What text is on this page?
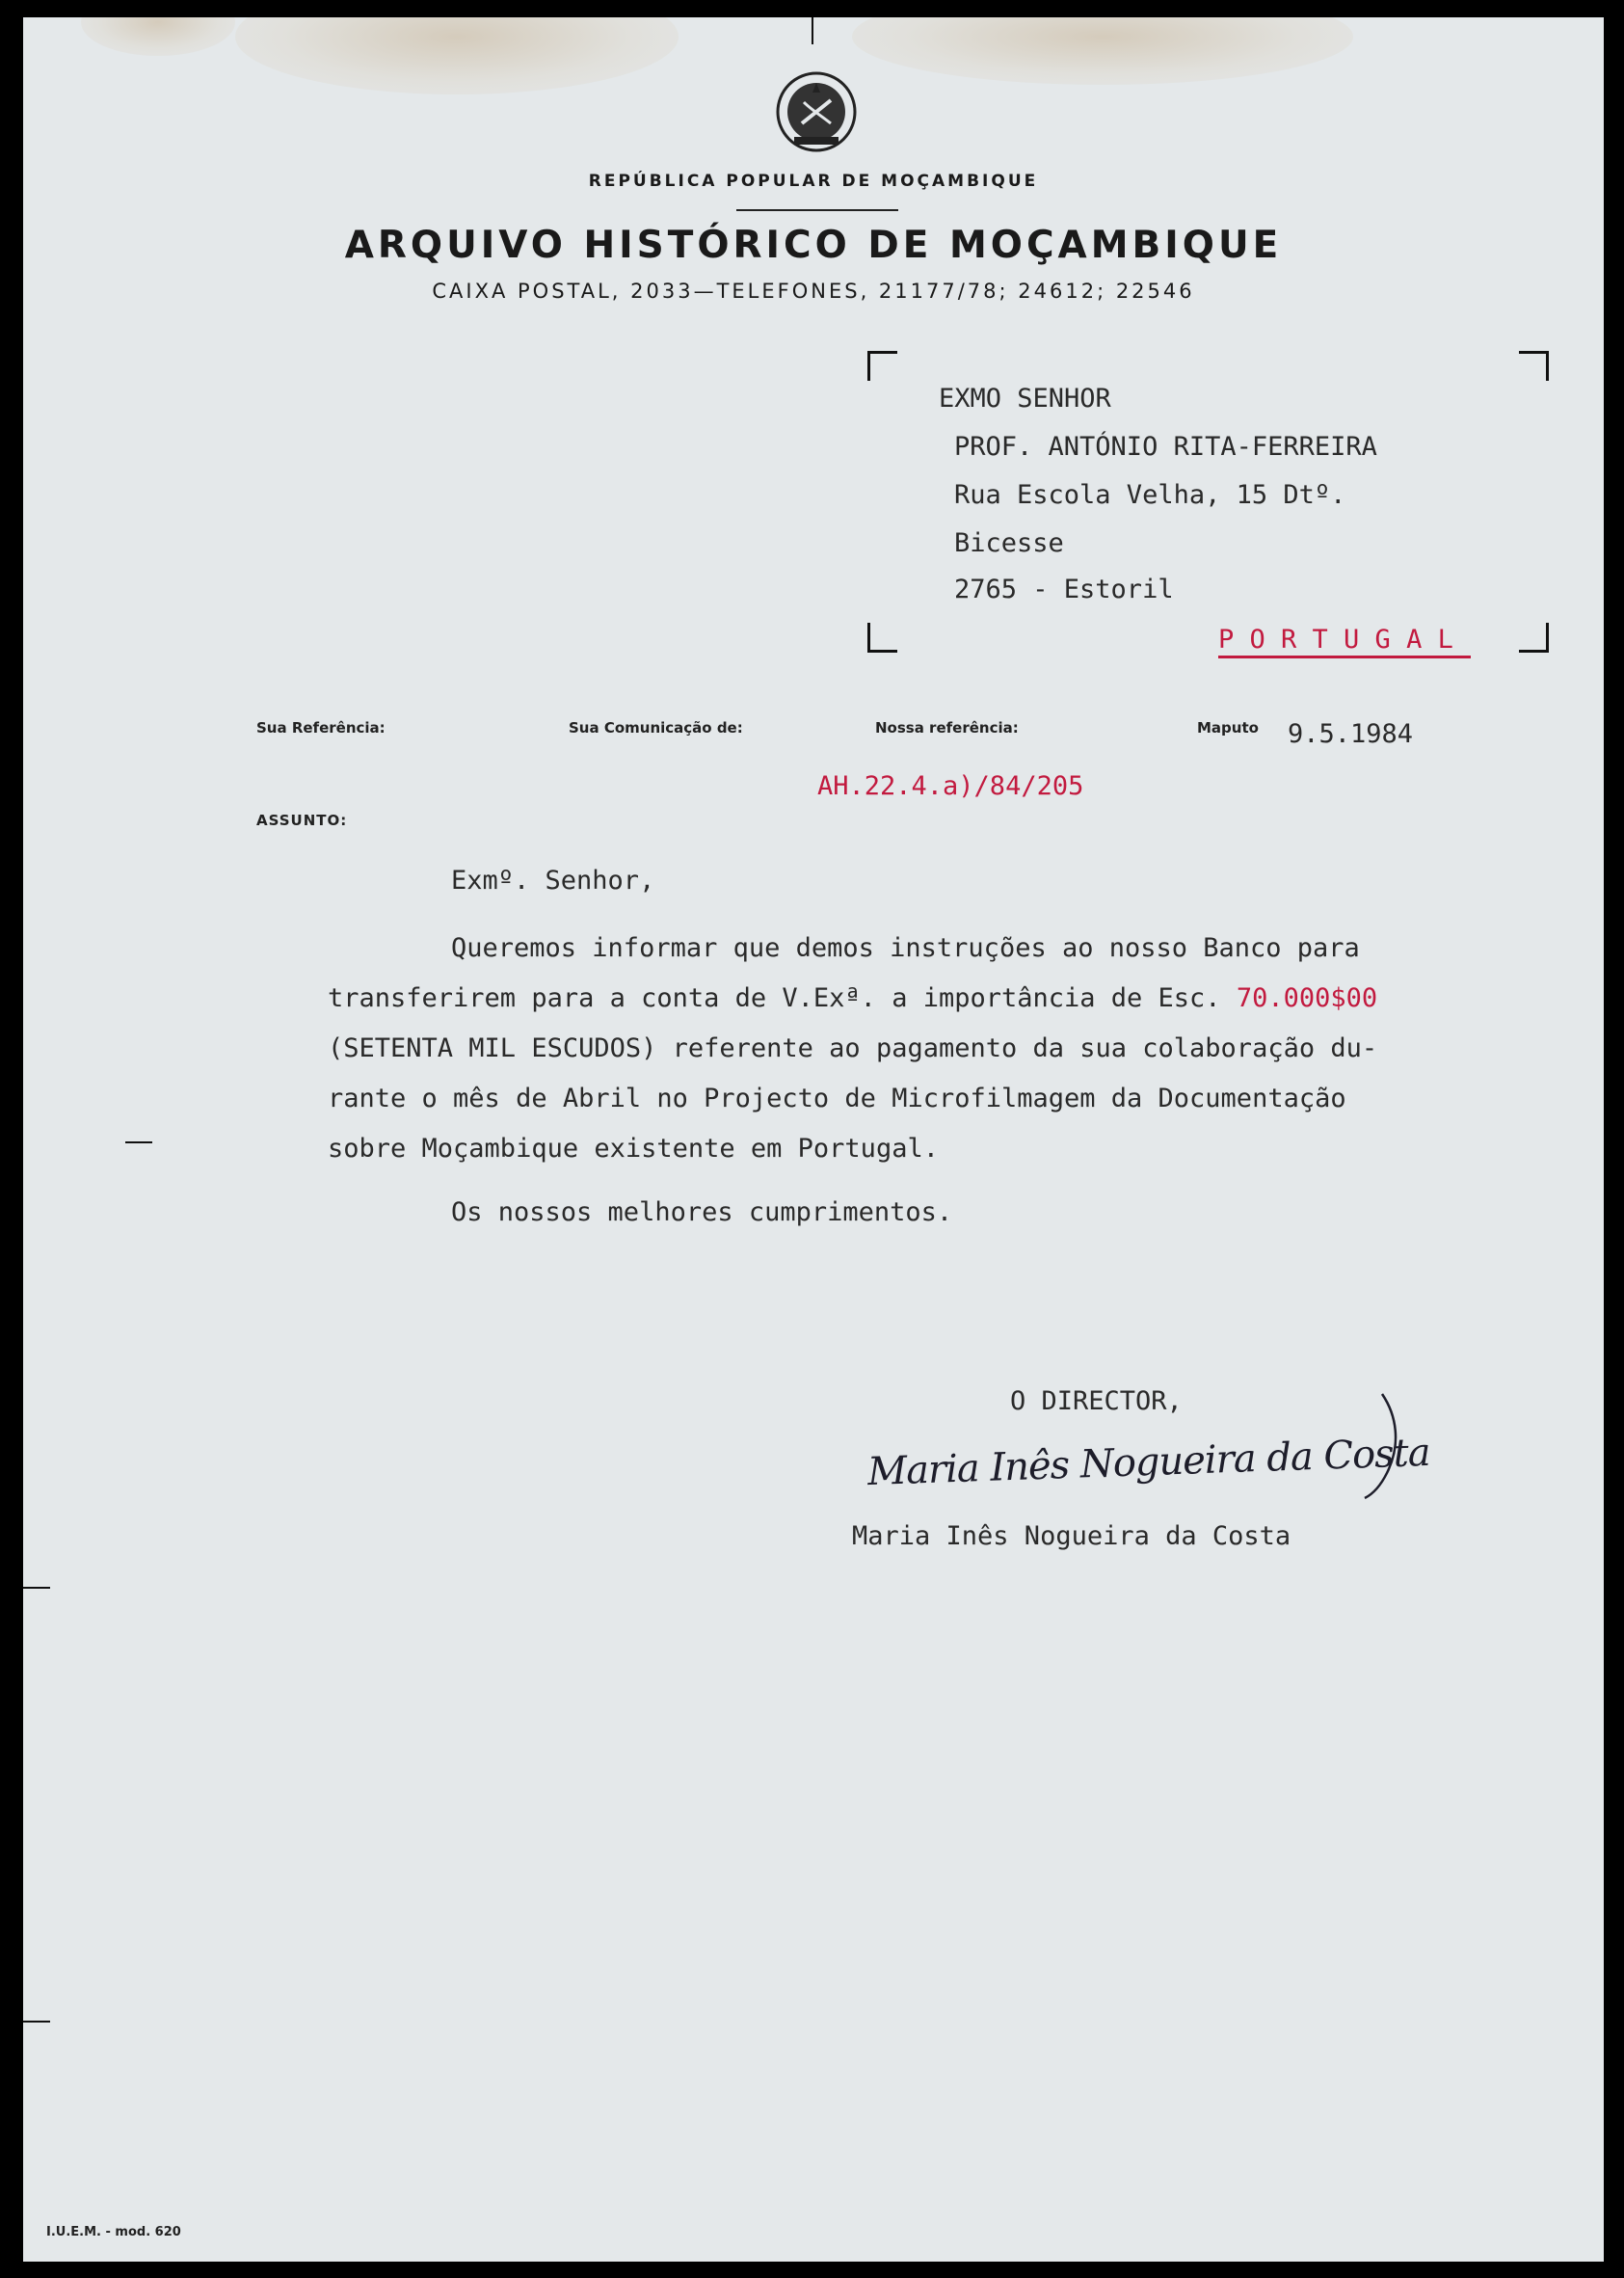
REPÚBLICA POPULAR DE MOÇAMBIQUE
ARQUIVO HISTÓRICO DE MOÇAMBIQUE
CAIXA POSTAL, 2033—TELEFONES, 21177/78; 24612; 22546
EXMO SENHOR
PROF. ANTÓNIO RITA-FERREIRA
Rua Escola Velha, 15 Dtº.
Bicesse
2765 - Estoril
P O R T U G A L
Sua Referência:	Sua Comunicação de:	Nossa referência:	Maputo 9.5.1984
AH.22.4.a)/84/205
ASSUNTO:
Exmº. Senhor,
Queremos informar que demos instruções ao nosso Banco para
transferirem para a conta de V.Exª. a importância de Esc. 70.000$00
(SETENTA MIL ESCUDOS) referente ao pagamento da sua colaboração du-
rante o mês de Abril no Projecto de Microfilmagem da Documentação
sobre Moçambique existente em Portugal.
Os nossos melhores cumprimentos.
O DIRECTOR,
Maria Inês Nogueira da Costa
Maria Inês Nogueira da Costa
I.U.E.M. - mod. 620
